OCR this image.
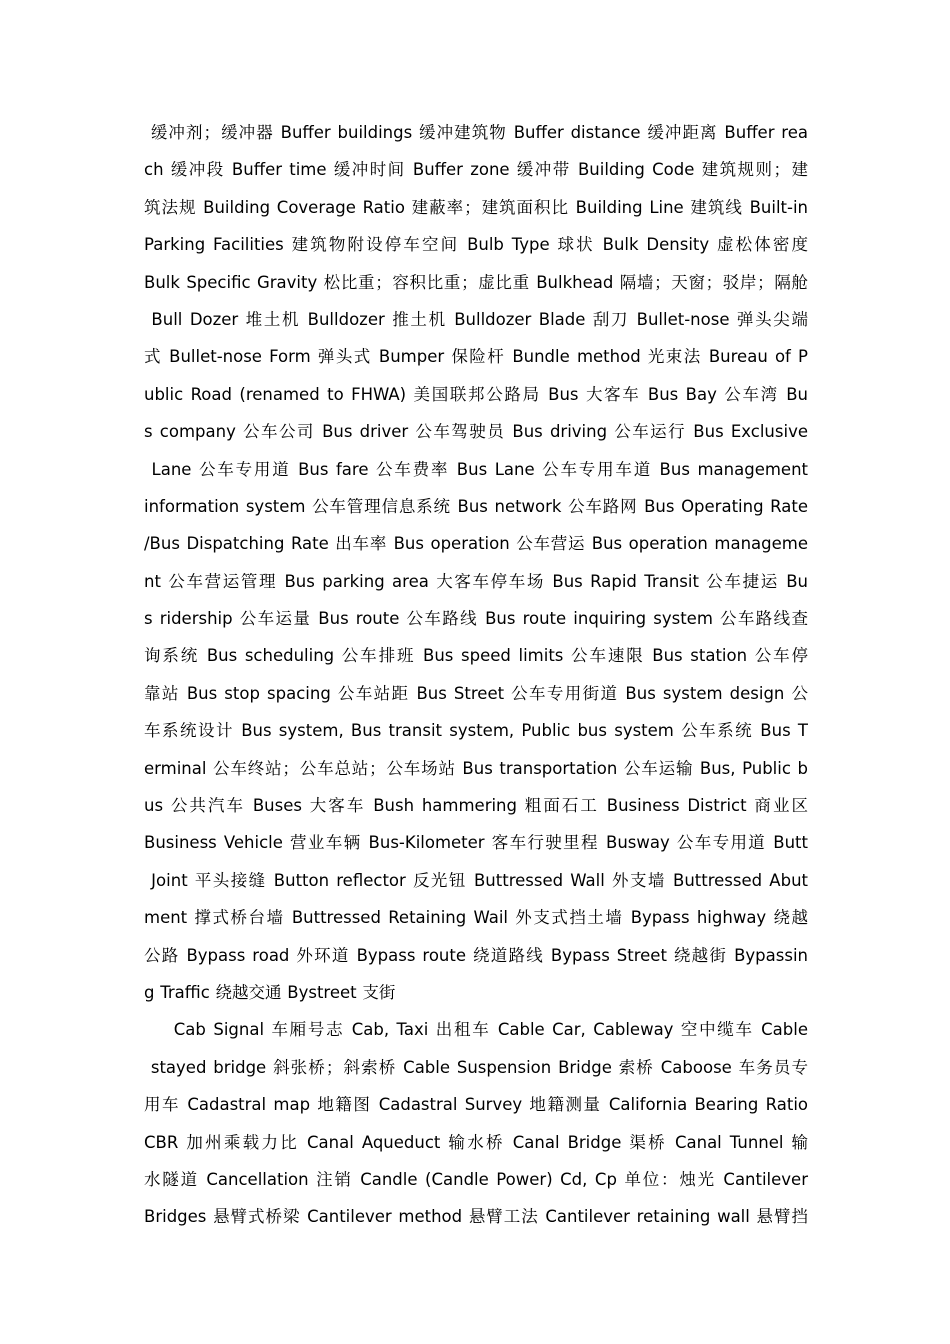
缓冲剂；缓冲器 Buffer buildings 缓冲建筑物 Buffer distance 缓冲距离 Buffer rea
ch 缓冲段 Buffer time 缓冲时间 Buffer zone 缓冲带 Building Code 建筑规则；建
筑法规 Building Coverage Ratio 建蔽率；建筑面积比 Building Line 建筑线 Built-in
Parking Facilities 建筑物附设停车空间 Bulb Type 球状 Bulk Density 虚松体密度
Bulk Specific Gravity 松比重；容积比重；虚比重 Bulkhead 隔墙；天窗；驳岸；隔舱
Bull Dozer 堆土机 Bulldozer 推土机 Bulldozer Blade 刮刀 Bullet-nose 弹头尖端
式 Bullet-nose Form 弹头式 Bumper 保险杆 Bundle method 光束法 Bureau of P
ublic Road (renamed to FHWA) 美国联邦公路局 Bus 大客车 Bus Bay 公车湾 Bu
s company 公车公司 Bus driver 公车驾驶员 Bus driving 公车运行 Bus Exclusive
Lane 公车专用道 Bus fare 公车费率 Bus Lane 公车专用车道 Bus management
information system 公车管理信息系统 Bus network 公车路网 Bus Operating Rate
/Bus Dispatching Rate 出车率 Bus operation 公车营运 Bus operation manageme
nt 公车营运管理 Bus parking area 大客车停车场 Bus Rapid Transit 公车捷运 Bu
s ridership 公车运量 Bus route 公车路线 Bus route inquiring system 公车路线查
询系统 Bus scheduling 公车排班 Bus speed limits 公车速限 Bus station 公车停
靠站 Bus stop spacing 公车站距 Bus Street 公车专用街道 Bus system design 公
车系统设计 Bus system, Bus transit system, Public bus system 公车系统 Bus T
erminal 公车终站；公车总站；公车场站 Bus transportation 公车运输 Bus, Public b
us 公共汽车 Buses 大客车 Bush hammering 粗面石工 Business District 商业区
Business Vehicle 营业车辆 Bus-Kilometer 客车行驶里程 Busway 公车专用道 Butt
Joint 平头接缝 Button reflector 反光钮 Buttressed Wall 外支墙 Buttressed Abut
ment 撑式桥台墙 Buttressed Retaining Wail 外支式挡土墙 Bypass highway 绕越
公路 Bypass road 外环道 Bypass route 绕道路线 Bypass Street 绕越街 Bypassin
g Traffic 绕越交通 Bystreet 支街
Cab Signal 车厢号志 Cab, Taxi 出租车 Cable Car, Cableway 空中缆车 Cable
stayed bridge 斜张桥；斜索桥 Cable Suspension Bridge 索桥 Caboose 车务员专
用车 Cadastral map 地籍图 Cadastral Survey 地籍测量 California Bearing Ratio
CBR 加州乘载力比 Canal Aqueduct 输水桥 Canal Bridge 渠桥 Canal Tunnel 输
水隧道 Cancellation 注销 Candle (Candle Power) Cd, Cp 单位：烛光 Cantilever
Bridges 悬臂式桥梁 Cantilever method 悬臂工法 Cantilever retaining wall 悬臂挡
